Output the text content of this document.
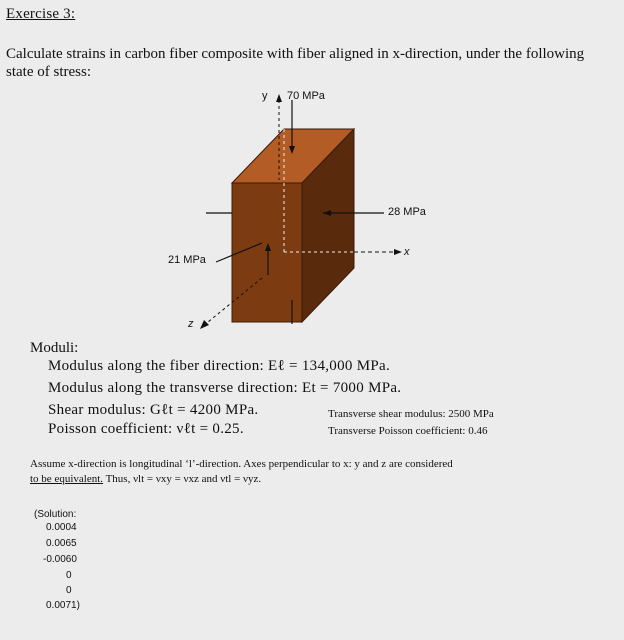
Exercise 3:
Calculate strains in carbon fiber composite with fiber aligned in x-direction, under the following
state of stress:
y 70 MPa
28 MPa
21 MPa
x
z
Moduli:
Modulus along the fiber direction: Eℓ = 134,000 MPa.
Modulus along the transverse direction: Et = 7000 MPa.
Shear modulus: Gℓt = 4200 MPa.
Poisson coefficient: νℓt = 0.25.
Transverse shear modulus: 2500 MPa
Transverse Poisson coefficient: 0.46
Assume x-direction is longitudinal ‘l’-direction. Axes perpendicular to x: y and z are considered
to be equivalent. Thus, νlt = νxy = νxz and νtl = νyz.
(Solution:
0.0004
0.0065
-0.0060
0
0
0.0071)
